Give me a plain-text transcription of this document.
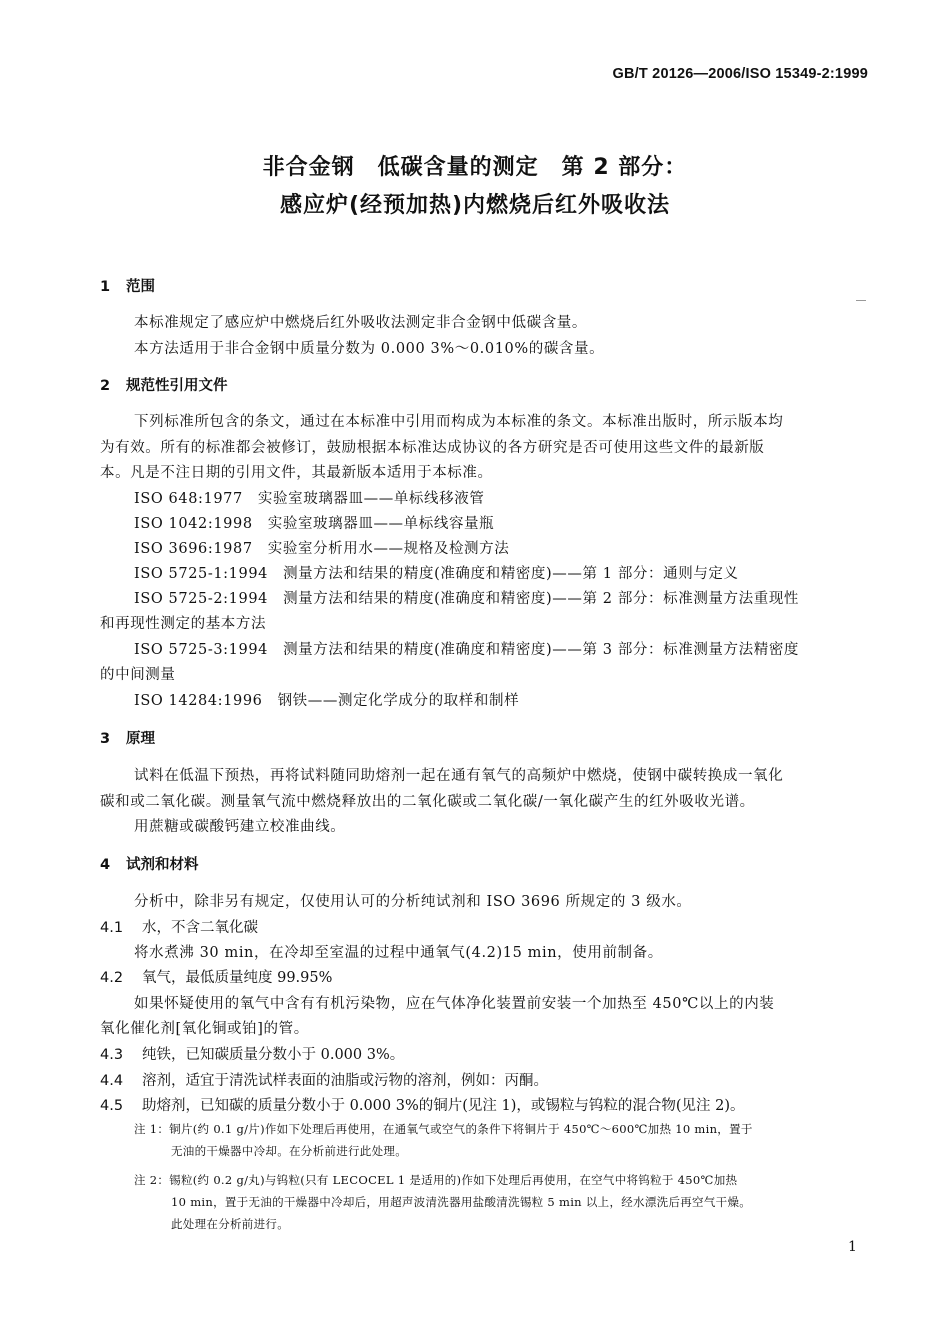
GB/T 20126—2006/ISO 15349-2:1999
非合金钢　低碳含量的测定　第 2 部分：
感应炉(经预加热)内燃烧后红外吸收法
1 范围
本标准规定了感应炉中燃烧后红外吸收法测定非合金钢中低碳含量。
本方法适用于非合金钢中质量分数为 0.000 3%～0.010%的碳含量。
2 规范性引用文件
下列标准所包含的条文，通过在本标准中引用而构成为本标准的条文。本标准出版时，所示版本均
为有效。所有的标准都会被修订，鼓励根据本标准达成协议的各方研究是否可使用这些文件的最新版
本。凡是不注日期的引用文件，其最新版本适用于本标准。
ISO 648:1977　实验室玻璃器皿——单标线移液管
ISO 1042:1998　实验室玻璃器皿——单标线容量瓶
ISO 3696:1987　实验室分析用水——规格及检测方法
ISO 5725-1:1994　测量方法和结果的精度(准确度和精密度)——第 1 部分：通则与定义
ISO 5725-2:1994　测量方法和结果的精度(准确度和精密度)——第 2 部分：标准测量方法重现性
和再现性测定的基本方法
ISO 5725-3:1994　测量方法和结果的精度(准确度和精密度)——第 3 部分：标准测量方法精密度
的中间测量
ISO 14284:1996　钢铁——测定化学成分的取样和制样
3 原理
试料在低温下预热，再将试料随同助熔剂一起在通有氧气的高频炉中燃烧，使钢中碳转换成一氧化
碳和或二氧化碳。测量氧气流中燃烧释放出的二氧化碳或二氧化碳/一氧化碳产生的红外吸收光谱。
用蔗糖或碳酸钙建立校准曲线。
4 试剂和材料
分析中，除非另有规定，仅使用认可的分析纯试剂和 ISO 3696 所规定的 3 级水。
4.1 水，不含二氧化碳
将水煮沸 30 min，在冷却至室温的过程中通氧气(4.2)15 min，使用前制备。
4.2 氧气，最低质量纯度 99.95%
如果怀疑使用的氧气中含有有机污染物，应在气体净化装置前安装一个加热至 450℃以上的内装
氧化催化剂[氧化铜或铂]的管。
4.3 纯铁，已知碳质量分数小于 0.000 3%。
4.4 溶剂，适宜于清洗试样表面的油脂或污物的溶剂，例如：丙酮。
4.5 助熔剂，已知碳的质量分数小于 0.000 3%的铜片(见注 1)，或锡粒与钨粒的混合物(见注 2)。
注 1：铜片(约 0.1 g/片)作如下处理后再使用，在通氧气或空气的条件下将铜片于 450℃～600℃加热 10 min，置于
无油的干燥器中冷却。在分析前进行此处理。
注 2：锡粒(约 0.2 g/丸)与钨粒(只有 LECOCEL 1 是适用的)作如下处理后再使用，在空气中将钨粒于 450℃加热
10 min，置于无油的干燥器中冷却后，用超声波清洗器用盐酸清洗锡粒 5 min 以上，经水漂洗后再空气干燥。
此处理在分析前进行。
1
